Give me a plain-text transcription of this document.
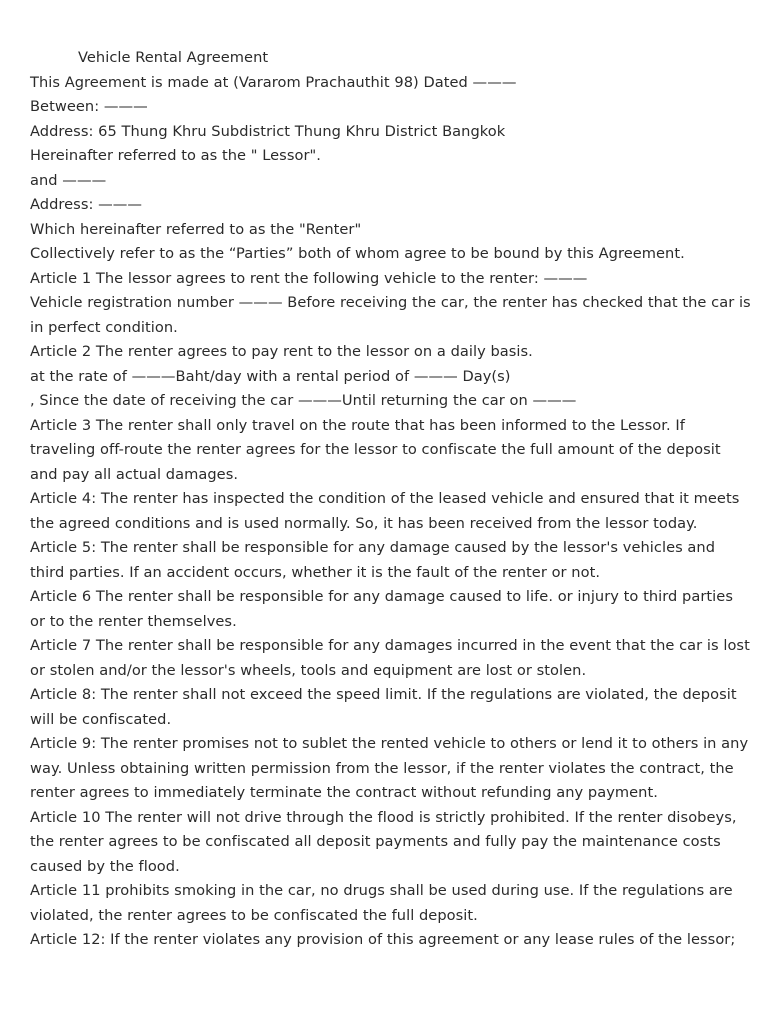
Vehicle Rental Agreement
This Agreement is made at (Vararom Prachauthit 98) Dated ———
Between: ———
Address: 65 Thung Khru Subdistrict Thung Khru District Bangkok
Hereinafter referred to as the " Lessor".
and ———
Address: ———
Which hereinafter referred to as the "Renter"
Collectively refer to as the “Parties” both of whom agree to be bound by this Agreement.
Article 1 The lessor agrees to rent the following vehicle to the renter: ———
Vehicle registration number ——— Before receiving the car, the renter has checked that the car is
in perfect condition.
Article 2 The renter agrees to pay rent to the lessor on a daily basis.
at the rate of ———Baht/day with a rental period of ——— Day(s)
, Since the date of receiving the car ———Until returning the car on ———
Article 3 The renter shall only travel on the route that has been informed to the Lessor. If
traveling off-route the renter agrees for the lessor to confiscate the full amount of the deposit
and pay all actual damages.
Article 4: The renter has inspected the condition of the leased vehicle and ensured that it meets
the agreed conditions and is used normally. So, it has been received from the lessor today.
Article 5: The renter shall be responsible for any damage caused by the lessor's vehicles and
third parties. If an accident occurs, whether it is the fault of the renter or not.
Article 6 The renter shall be responsible for any damage caused to life. or injury to third parties
or to the renter themselves.
Article 7 The renter shall be responsible for any damages incurred in the event that the car is lost
or stolen and/or the lessor's wheels, tools and equipment are lost or stolen.
Article 8: The renter shall not exceed the speed limit. If the regulations are violated, the deposit
will be confiscated.
Article 9: The renter promises not to sublet the rented vehicle to others or lend it to others in any
way. Unless obtaining written permission from the lessor, if the renter violates the contract, the
renter agrees to immediately terminate the contract without refunding any payment.
Article 10 The renter will not drive through the flood is strictly prohibited. If the renter disobeys,
the renter agrees to be confiscated all deposit payments and fully pay the maintenance costs
caused by the flood.
Article 11 prohibits smoking in the car, no drugs shall be used during use. If the regulations are
violated, the renter agrees to be confiscated the full deposit.
Article 12: If the renter violates any provision of this agreement or any lease rules of the lessor;
